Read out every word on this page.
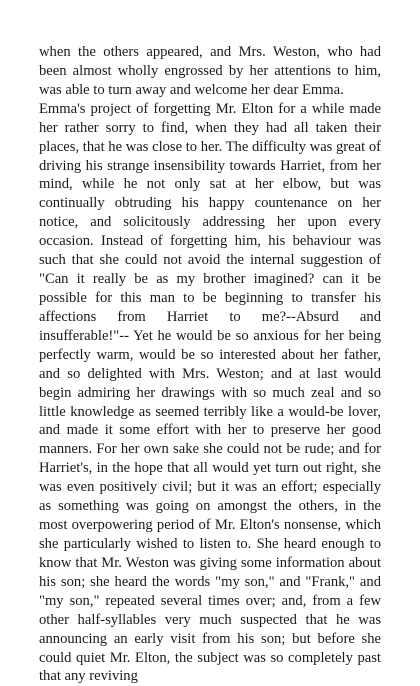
when the others appeared, and Mrs. Weston, who had been almost wholly engrossed by her attentions to him, was able to turn away and welcome her dear Emma.

Emma's project of forgetting Mr. Elton for a while made her rather sorry to find, when they had all taken their places, that he was close to her. The difficulty was great of driving his strange insensibility towards Harriet, from her mind, while he not only sat at her elbow, but was continually obtruding his happy countenance on her notice, and solicitously addressing her upon every occasion. Instead of forgetting him, his behaviour was such that she could not avoid the internal suggestion of "Can it really be as my brother imagined? can it be possible for this man to be beginning to transfer his affections from Harriet to me?--Absurd and insufferable!"-- Yet he would be so anxious for her being perfectly warm, would be so interested about her father, and so delighted with Mrs. Weston; and at last would begin admiring her drawings with so much zeal and so little knowledge as seemed terribly like a would-be lover, and made it some effort with her to preserve her good manners. For her own sake she could not be rude; and for Harriet's, in the hope that all would yet turn out right, she was even positively civil; but it was an effort; especially as something was going on amongst the others, in the most overpowering period of Mr. Elton's nonsense, which she particularly wished to listen to. She heard enough to know that Mr. Weston was giving some information about his son; she heard the words "my son," and "Frank," and "my son," repeated several times over; and, from a few other half-syllables very much suspected that he was announcing an early visit from his son; but before she could quiet Mr. Elton, the subject was so completely past that any reviving
